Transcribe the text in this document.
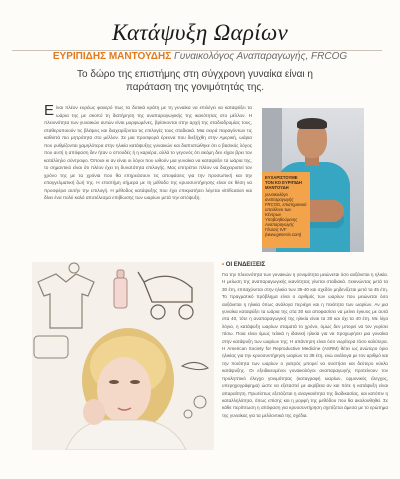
Κατάψυξη Ωαρίων
ΕΥΡΙΠΙΔΗΣ ΜΑΝΤΟΥΔΗΣ Γυναικολόγος Αναπαραγωγής, FRCOG
Το δώρο της επιστήμης στη σύγχρονη γυναίκα είναι η παράταση της γονιμότητάς της.

Είναι πλέον ευρέως φανερό πως τα δυτικά κράτη με τη γυναίκα να επιλέγει να καταψύξει τα ωάρια της με σκοπό τη διατήρηση της αναπαραγωγικής της ικανότητας στο μέλλον. Η πλειονότητα των γυναικών αυτών είναι μορφωμένες, βρίσκονται στην αρχή της σταδιοδρομίας τους, σταθεροποιούν τις βλέψεις και διαχειρίζονται τις επιλογές τους σταδιακά. Μια σειρά παραγόντων τις καθιστά πιο μητρότητα στο μέλλον. Σε μια προσφορά έρευνα που διεξήχθη στην Αμερική, ωάρια που ρυθμίζονται χαμηλότερα στην ηλικία κατάψυξης γυναικών και διαπιστώθηκε ότι ο βασικός λόγος που αυτή η απόφαση δεν ήταν ο σπουδές ή η καριέρα, αλλά το γεγονός ότι ακόμη δεν είχαν βρει τον κατάλληλο σύντροφο. Όποιοι κι αν είναι οι λόγοι που ωθούν μια γυναίκα να καταψύξει τα ωάρια της, το σημαντικό είναι ότι πλέον έχει τη δυνατότητα επιλογής. Μας επιτρέπει πλέον να διαχειριστεί τον χρόνο της με τα χρόνια που θα επηρεάσουν τις αποφάσεις για την προσωπική και την επαγγελματική ζωή της. Η επιστήμη σήμερα με τη μέθοδο της κρυοσυντήρησης είναι σε θέση να προσφέρει αυτήν την επιλογή. Η μέθοδος κατάψυξης που έχει επικρατήσει λέγεται vitrification και δίνει ένα πολύ καλό αποτέλεσμα επιβίωσης των ωαρίων μετά την απόψυξη.

ΕΥΧΑΡΙΣΤΟΥΜΕ ΤΟΝ ΚΟ ΕΥΡΙΠΙΔΗ ΜΑΝΤΟΥΔΗ
γυναικολόγο αναπαραγωγής FRCOG, επιστημονικό υπεύθυνο των Κέντρων Υποβοηθούμενης Αναπαραγωγής Γένεσις IVF (www.genesis.com)
• ΟΙ ΕΝΔΕΙΞΕΙΣ

Για την πλειονότητα των γυναικών η γονιμότητα μειώνεται όσο αυξάνεται η ηλικία. Η μείωση της αναπαραγωγικής ικανότητας γίνεται σταδιακά. Ξεκινώντας μετά τα 30 έτη, επιταχύνεται στην ηλικία των 35-40 και σχεδόν μηδενίζεται μετά τα 45 έτη. Το πραγματικό πρόβλημα είναι ο αριθμός των ωαρίων που μειώνεται όσο αυξάνεται η ηλικία όπως ανάλογα περιέχει και η ποιότητα των ωαρίων. Αν μια γυναίκα καταψύξει τα ωάρια της στα 30 και αποφασίσει να μείνει έγκυος με αυτά στα 40, τότε η αναπαραγωγική της ηλικία είναι τα 30 και όχι τα 40 έτη. Με λίγα λόγια, η κατάψυξη ωαρίων σταματά το χρόνο, όμως δεν μπορεί να τον γυρίσει πίσω. Ποια είναι όμως τελικά η ιδανική ηλικία για να προχωρήσει μια γυναίκα στην κατάψυξη των ωαρίων της; Η απάντηση είναι όσο νωρίτερα τόσο καλύτερα. Η American Society for Reproductive Medicine (ASRM) θέτει ως ανώτερο όριο ηλικίας για την κρυοσυντήρηση ωαρίων τα 38 έτη, ενώ ανάλογα με τον αριθμό και την ποιότητα των ωαρίων ο γιατρός μπορεί να συστήσει και δεύτερο κύκλο κατάψυξης. Οι εξειδικευμένοι γυναικολόγοι αναπαραγωγής προτείνουν τον προληπτικό έλεγχο γονιμότητας (καταγραφή ωαρίων, ορμονικός έλεγχος, υπερηχογράφημα) ώστε να εξεταστεί με ακρίβεια αν και πότε η κατάψυξη είναι απαραίτητη. Πρωτίστως εξετάζεται η αναγκαιότητα της διαδικασίας, και κατόπιν η καταλληλότητα, όπως επίσης και η μορφή της μεθόδου που θα ακολουθηθεί. Σε κάθε περίπτωση η απόφαση για κρυοσυντήρηση σχετίζεται άμεσα με το ερώτημα της γυναίκας για τα μελλοντικά της σχέδια.
